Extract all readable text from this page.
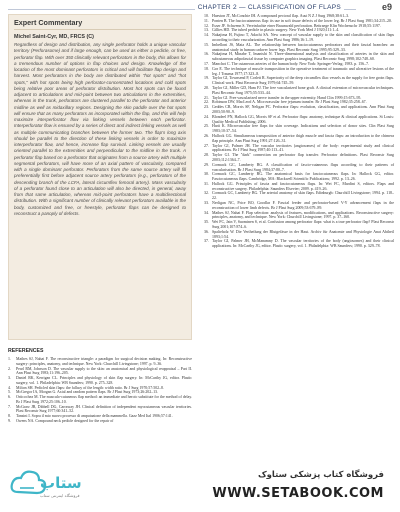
CHAPTER 2 — CLASSIFICATION OF FLAPS	e9
Expert Commentary
Michel Saint-Cyr, MD, FRCS (C)

Regardless of design and distribution, any single perforator holds a unique vascular territory (Perforasome) and if large enough, can be used as either a pedicle, or free, perforator flap. With over 350 clinically relevant perforators in the body, this allows for a tremendous number of options in flap choices and design. Knowledge of the location of the most dominant perforators is critical and will facilitate flap design and harvest. Most perforators in the body are distributed within "hot spots" and "hot spots," with hot spots being high perforator-concentrated locations and cold spots being relative poor areas of perforator distribution. Most hot spots can be found adjacent to articulations and mid-point between two articulations in the extremities, whereas in the trunk, perforators are clustered parallel to the perforator and anterior midline as well as midaxillary regions. Designing the skin paddle over the hot spots will ensure that as many perforators as incorporated within the flap, and this will help maximize interperforator flow via linking vessels between each perforator. Interperforator flow is ensured by a series of direct and indirect linking vessels as well as multiple communicating branches between the former two. The flap's long axis should be parallel to the direction of these linking vessels in order to maximize interperforator flow, and hence, increase flap survival. Linking vessels are usually oriented parallel to the extremities and perpendicular to the midline in the trunk. A perforator flap based on a perforator that originates from a source artery with multiple segmental perforators, will have more of an axial pattern of vascularity, compared with a single dominant perforator. Perforators from the same source artery will fill preferentially first before adjacent source artery perforators (e.g., perforators of the descending branch of the LCFA, lateral circumflex femoral artery). Mass vascularity of a perforator found close to an articulation will also be directed, in general, away from that same articulation, whereas mid-point perforators have a multidirectional distribution. With a significant number of clinically relevant perforators available in the body, customized and free, or freestyle, perforator flaps can be designed to reconstruct a panoply of defects.

REFERENCES
1. Mathes SJ, Nahai F. The reconstructive triangle: a paradigm for surgical decision making. In: Reconstructive surgery: principles, anatomy, and technique. New York: Churchill Livingstone; 1997. p. 9–36.
2. Pearl RM, Johnson D. The vascular supply to the skin: an anatomical and physiological reappraisal – Part II. Ann Plast Surg 1983;11:196–205.
3. Daniel RK, Kerrigan CL. Principles and physiology of skin flap surgery. In: McCarthy JG, editor. Plastic surgery, vol. 1. Philadelphia: WB Saunders; 1990. p. 275–328.
4. Milton SH. Pedicled skin flaps: the fallacy of the length: width ratio. Br J Surg 1970;57:502–8.
5. McGregor IA, Morgan G. Axial and random pattern flaps. Br J Plast Surg 1973;26:202–13.
6. Orticochea M. The musculo-cutaneous flap method: an immediate and heroic substitute for the method of delay. Br J Plast Surg 1972;25:106–10.
7. McGraw JB, Dibbell DG, Carraway JH. Clinical definition of independent myocutaneous vascular territories. Plast Reconstr Surg 1977;60:341–52.
8. Tansini I. Sopra il mio nuovo processo di amputazione della mammella. Gazz Med Ital 1906;57:141.
9. Owens NA. Compound neck pedicle designed for the repair of
10. Hueston JT, McConchie IH. A compound pectoral flap. Aust N Z J Surg 1968;38:61–3.
11. Ponten B. The fasciocutaneous flap: its use in soft tissue defects of the lower leg. Br J Plast Surg 1981;34:215–20.
12. Esser JF. Schwenn S. Vereinfachte einer Braunwald perforation. Beitraege Klin Wochenschr 1918;55:1197.
13. Gillies HD. The tubed pedicle in plastic surgery. New York Med J 1920;111:1–4.
14. Nakajima H, Fujino T, Adachi SA. New concept of vascular supply to the skin and classification of skin flaps according to their vascularization. Ann Plast Surg 1986;16:1–19.
15. Imbelloni JS, Maia AL. The relationship between fasciocutaneous perforators and their fascial branches: an anatomical study in human cadaver lower legs. Plast Reconstr Surg 1995;95:329–33.
16. Nakajima H, Minabe T, Imanishi N. Three-dimensional analysis and classification of arteries in the skin and subcutaneous adipofascial tissue by computer graphics imaging. Plast Reconstr Surg 1998;102:748–60.
17. Manchot C. The cutaneous arteries of the human body. New York: Springer-Verlag; 1983. p. 156–7.
18. Gor E. The technique of muscle transposition in the operative treatment of traumatic and ulcerative lesions of the leg. J Trauma 1977;17:323–8.
19. Taylor GI, Townsend P, Corlett R. Superiority of the deep circumflex iliac vessels as the supply for free groin flaps. Clinical work. Plast Reconstr Surg 1979;64:745–59.
20. Taylor GI, Miller GD, Ham FJ. The free vascularized bone graft. A clinical extension of microvascular techniques. Plast Reconstr Surg 1975;55:533–44.
21. Taylor GI. Free vascularized nerve transfer in the upper extremity. Hand Clin 1999;15:673–95.
22. Robinson DW, MacLeod A. Microvascular free jejunum transfer. Br J Plast Surg 1982;35:258–67.
23. Geddes CR, Morris SF, Neligan PC. Perforator flaps: evolution, classification, and applications. Ann Plast Surg 2003;50:90–9.
24. Blondeel PN, Hallock GG, Morris SF et al. Perforator flaps: anatomy, technique & clinical applications. St Louis: Quality Medical Publishing; 2006.
25. Harii K. Microvascular free flaps for skin coverage. Indications and selection of donor sites. Clin Plast Surg 1983;10:37–54.
26. Hallock GG. Simultaneous transposition of anterior thigh muscle and fascia flaps: an introduction to the chimera flap principle. Ann Plast Surg 1991;27:126–31.
27. Taylor GI, Palmer JH. The vascular territories (angiosomes) of the body: experimental study and clinical applications. Br J Plast Surg 1987;40:113–41.
28. Taylor GI. The "dark" connection on perforator flap transfer. Perforator definitions. Plast Reconstr Surg 2003;112:1364–7.
29. Cormack GC, Lamberty BG. A classification of fascio-cutaneous flaps according to their patterns of vascularisation. Br J Plast Surg 1984;37:80–7.
30. Cormack GC, Lamberty BG. The anatomical basis for fasciocutaneous flaps. In: Hallock GG, editor. Fasciocutaneous flaps. Cambridge, MA: Blackwell Scientific Publications; 1992. p. 13–26.
31. Hallock GG. Principles of fascia and fasciocutaneous flaps. In: Wei FC, Mardini S, editors. Flaps and reconstructive surgery. Philadelphia: Saunders Elsevier; 2009. p. 419–26.
32. Cormack GC, Lamberty BG. The arterial anatomy of skin flaps. Edinburgh: Churchill Livingstone; 1994. p. 118–22.
33. Nerligan NC, Price BO, Goodlar F. Fascial feeder and perforator-based V-Y advancement flaps in the reconstruction of lower limb defects. Br J Plast Surg 2009;53:679–89.
34. Mathes SJ, Nahai F. Flap selection: analysis of features, modifications, and applications. Reconstructive surgery: principles, anatomy, and technique. New York: Churchill Livingstone; 1997. p. 37–160.
35. Wei FC, Jain V, Suominen S, et al. Confusion among perforator flaps: what is a true perforator flap? Plast Reconstr Surg 2001;107:874–6.
36. Spalteholz W. Die Vertheilung der Blutgefässe in der Haut. Archiv für Anatomie und Physiologie Anat Abtheil 1893;1:54.
37. Taylor GI, Palmer JH, McManamny D. The vascular territories of the body (angiosomes) and their clinical applications. In: McCarthy JG, editor. Plastic surgery, vol. 1. Philadelphia: WB Saunders; 1990. p. 329–78.
ستاب
فروشگاه اینترنتی ستاب
فروشگاه کتاب پزشکی ستاوک
WWW.SETABOOK.COM
